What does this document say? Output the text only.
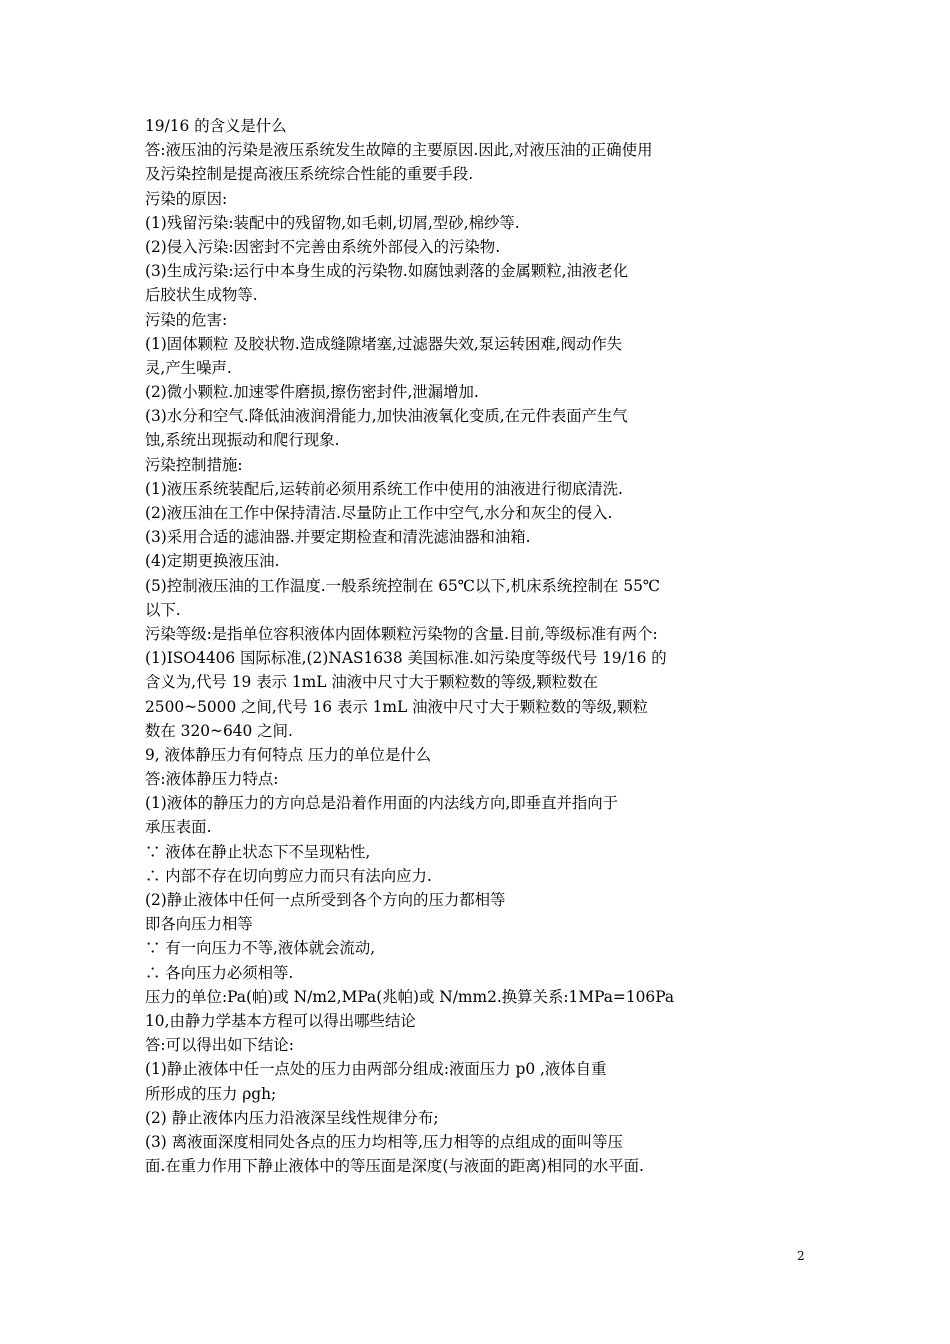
19/16 的含义是什么
答:液压油的污染是液压系统发生故障的主要原因.因此,对液压油的正确使用
及污染控制是提高液压系统综合性能的重要手段.
污染的原因:
(1)残留污染:装配中的残留物,如毛刺,切屑,型砂,棉纱等.
(2)侵入污染:因密封不完善由系统外部侵入的污染物.
(3)生成污染:运行中本身生成的污染物.如腐蚀剥落的金属颗粒,油液老化
后胶状生成物等.
污染的危害:
(1)固体颗粒 及胶状物.造成缝隙堵塞,过滤器失效,泵运转困难,阀动作失
灵,产生噪声.
(2)微小颗粒.加速零件磨损,擦伤密封件,泄漏增加.
(3)水分和空气.降低油液润滑能力,加快油液氧化变质,在元件表面产生气
蚀,系统出现振动和爬行现象.
污染控制措施:
(1)液压系统装配后,运转前必须用系统工作中使用的油液进行彻底清洗.
(2)液压油在工作中保持清洁.尽量防止工作中空气,水分和灰尘的侵入.
(3)采用合适的滤油器.并要定期检查和清洗滤油器和油箱.
(4)定期更换液压油.
(5)控制液压油的工作温度.一般系统控制在 65℃以下,机床系统控制在 55℃
以下.
污染等级:是指单位容积液体内固体颗粒污染物的含量.目前,等级标准有两个:
(1)ISO4406 国际标准,(2)NAS1638 美国标准.如污染度等级代号 19/16 的
含义为,代号 19 表示 1mL 油液中尺寸大于颗粒数的等级,颗粒数在
2500~5000 之间,代号 16 表示 1mL 油液中尺寸大于颗粒数的等级,颗粒
数在 320~640 之间.
9, 液体静压力有何特点 压力的单位是什么
答:液体静压力特点:
(1)液体的静压力的方向总是沿着作用面的内法线方向,即垂直并指向于
承压表面.
∵ 液体在静止状态下不呈现粘性,
∴ 内部不存在切向剪应力而只有法向应力.
(2)静止液体中任何一点所受到各个方向的压力都相等
即各向压力相等
∵ 有一向压力不等,液体就会流动,
∴ 各向压力必须相等.
压力的单位:Pa(帕)或 N/m2,MPa(兆帕)或 N/mm2.换算关系:1MPa=106Pa
10,由静力学基本方程可以得出哪些结论
答:可以得出如下结论:
(1)静止液体中任一点处的压力由两部分组成:液面压力 p0 ,液体自重
所形成的压力 ρgh;
(2) 静止液体内压力沿液深呈线性规律分布;
(3) 离液面深度相同处各点的压力均相等,压力相等的点组成的面叫等压
面.在重力作用下静止液体中的等压面是深度(与液面的距离)相同的水平面.
2
